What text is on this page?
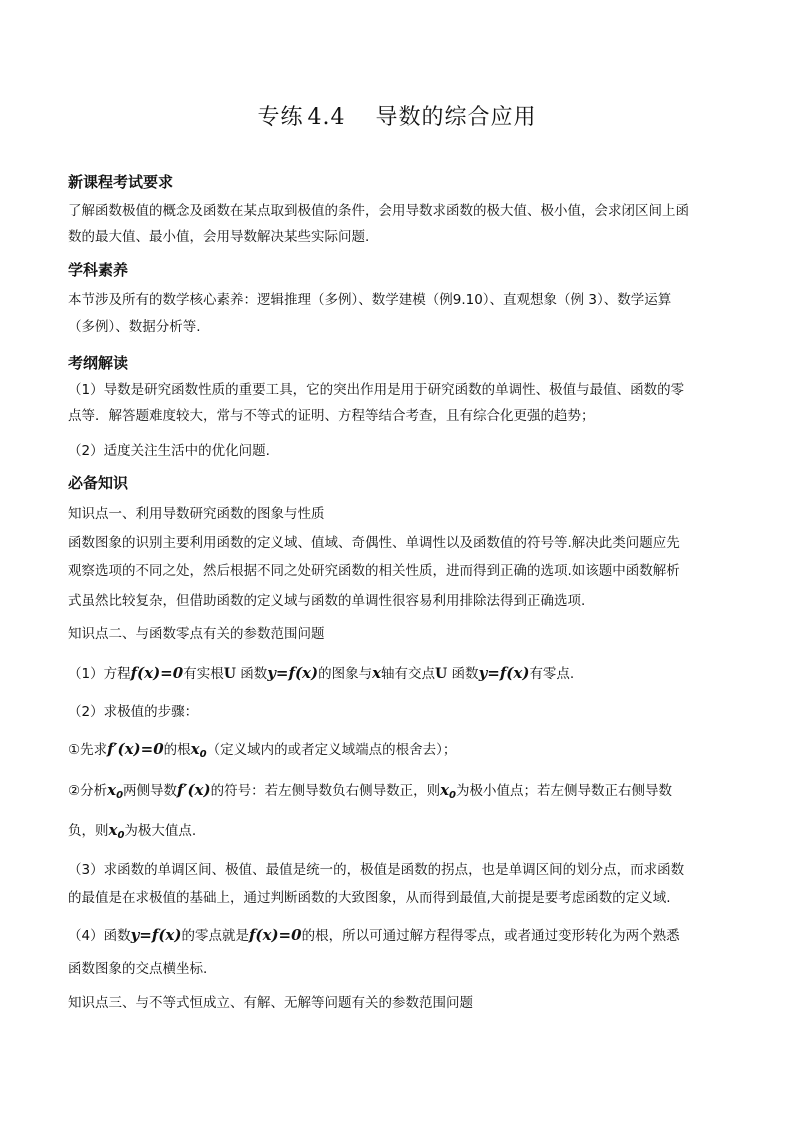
专练 4.4 导数的综合应用
新课程考试要求
了解函数极值的概念及函数在某点取到极值的条件，会用导数求函数的极大值、极小值，会求闭区间上函
数的最大值、最小值，会用导数解决某些实际问题.
学科素养
本节涉及所有的数学核心素养：逻辑推理（多例）、数学建模（例9.10）、直观想象（例 3）、数学运算
（多例）、数据分析等.
考纲解读
（1）导数是研究函数性质的重要工具，它的突出作用是用于研究函数的单调性、极值与最值、函数的零
点等．解答题难度较大，常与不等式的证明、方程等结合考查，且有综合化更强的趋势；
（2）适度关注生活中的优化问题.
必备知识
知识点一、利用导数研究函数的图象与性质
函数图象的识别主要利用函数的定义域、值域、奇偶性、单调性以及函数值的符号等.解决此类问题应先
观察选项的不同之处，然后根据不同之处研究函数的相关性质，进而得到正确的选项.如该题中函数解析
式虽然比较复杂，但借助函数的定义域与函数的单调性很容易利用排除法得到正确选项.
知识点二、与函数零点有关的参数范围问题
（1）方程f(x)=0有实根U 函数y=f(x)的图象与x轴有交点U 函数y=f(x)有零点.
（2）求极值的步骤：
①先求f′(x)=0的根$x_0$（定义域内的或者定义域端点的根舍去）；
②分析$x_0$两侧导数f′(x)的符号：若左侧导数负右侧导数正，则$x_0$为极小值点；若左侧导数正右侧导数
负，则$x_0$为极大值点.
（3）求函数的单调区间、极值、最值是统一的，极值是函数的拐点，也是单调区间的划分点，而求函数
的最值是在求极值的基础上，通过判断函数的大致图象，从而得到最值,大前提是要考虑函数的定义域.
（4）函数y=f(x)的零点就是f(x)=0的根，所以可通过解方程得零点，或者通过变形转化为两个熟悉
函数图象的交点横坐标.
知识点三、与不等式恒成立、有解、无解等问题有关的参数范围问题
